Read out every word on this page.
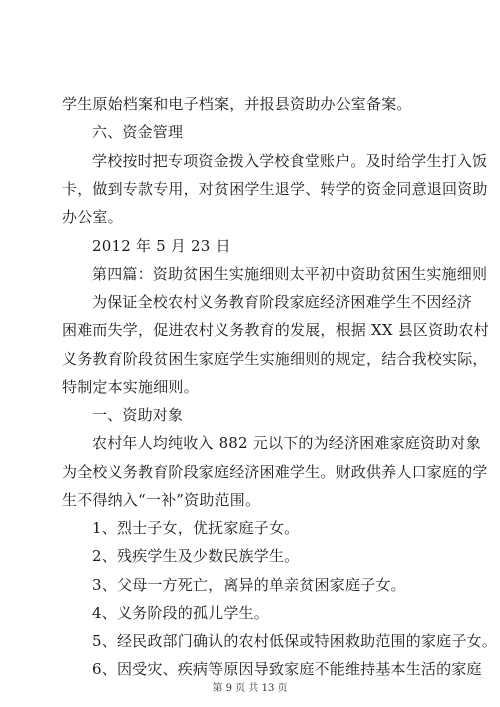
学生原始档案和电子档案，并报县资助办公室备案。
六、资金管理
学校按时把专项资金拨入学校食堂账户。及时给学生打入饭
卡，做到专款专用，对贫困学生退学、转学的资金同意退回资助
办公室。
2012 年 5 月 23 日
第四篇：资助贫困生实施细则太平初中资助贫困生实施细则
为保证全校农村义务教育阶段家庭经济困难学生不因经济
困难而失学，促进农村义务教育的发展，根据 XX 县区资助农村
义务教育阶段贫困生家庭学生实施细则的规定，结合我校实际，
特制定本实施细则。
一、资助对象
农村年人均纯收入 882 元以下的为经济困难家庭资助对象
为全校义务教育阶段家庭经济困难学生。财政供养人口家庭的学
生不得纳入“一补”资助范围。
1、烈士子女，优抚家庭子女。
2、残疾学生及少数民族学生。
3、父母一方死亡，离异的单亲贫困家庭子女。
4、义务阶段的孤儿学生。
5、经民政部门确认的农村低保或特困救助范围的家庭子女。
6、因受灾、疾病等原因导致家庭不能维持基本生活的家庭
第 9 页 共 13 页
